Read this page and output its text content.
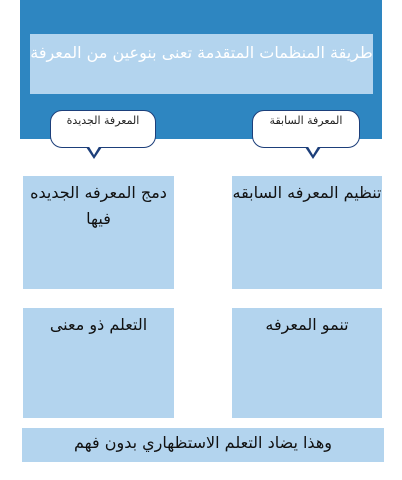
طريقة المنظمات المتقدمة تعنى بنوعين من المعرفة
المعرفة الجديدة	المعرفة السابقة
دمج المعرفه الجديده فيها
تنظيم المعرفه السابقه
التعلم ذو معنى	تنمو المعرفه
وهذا يضاد التعلم الاستظهاري بدون فهم
